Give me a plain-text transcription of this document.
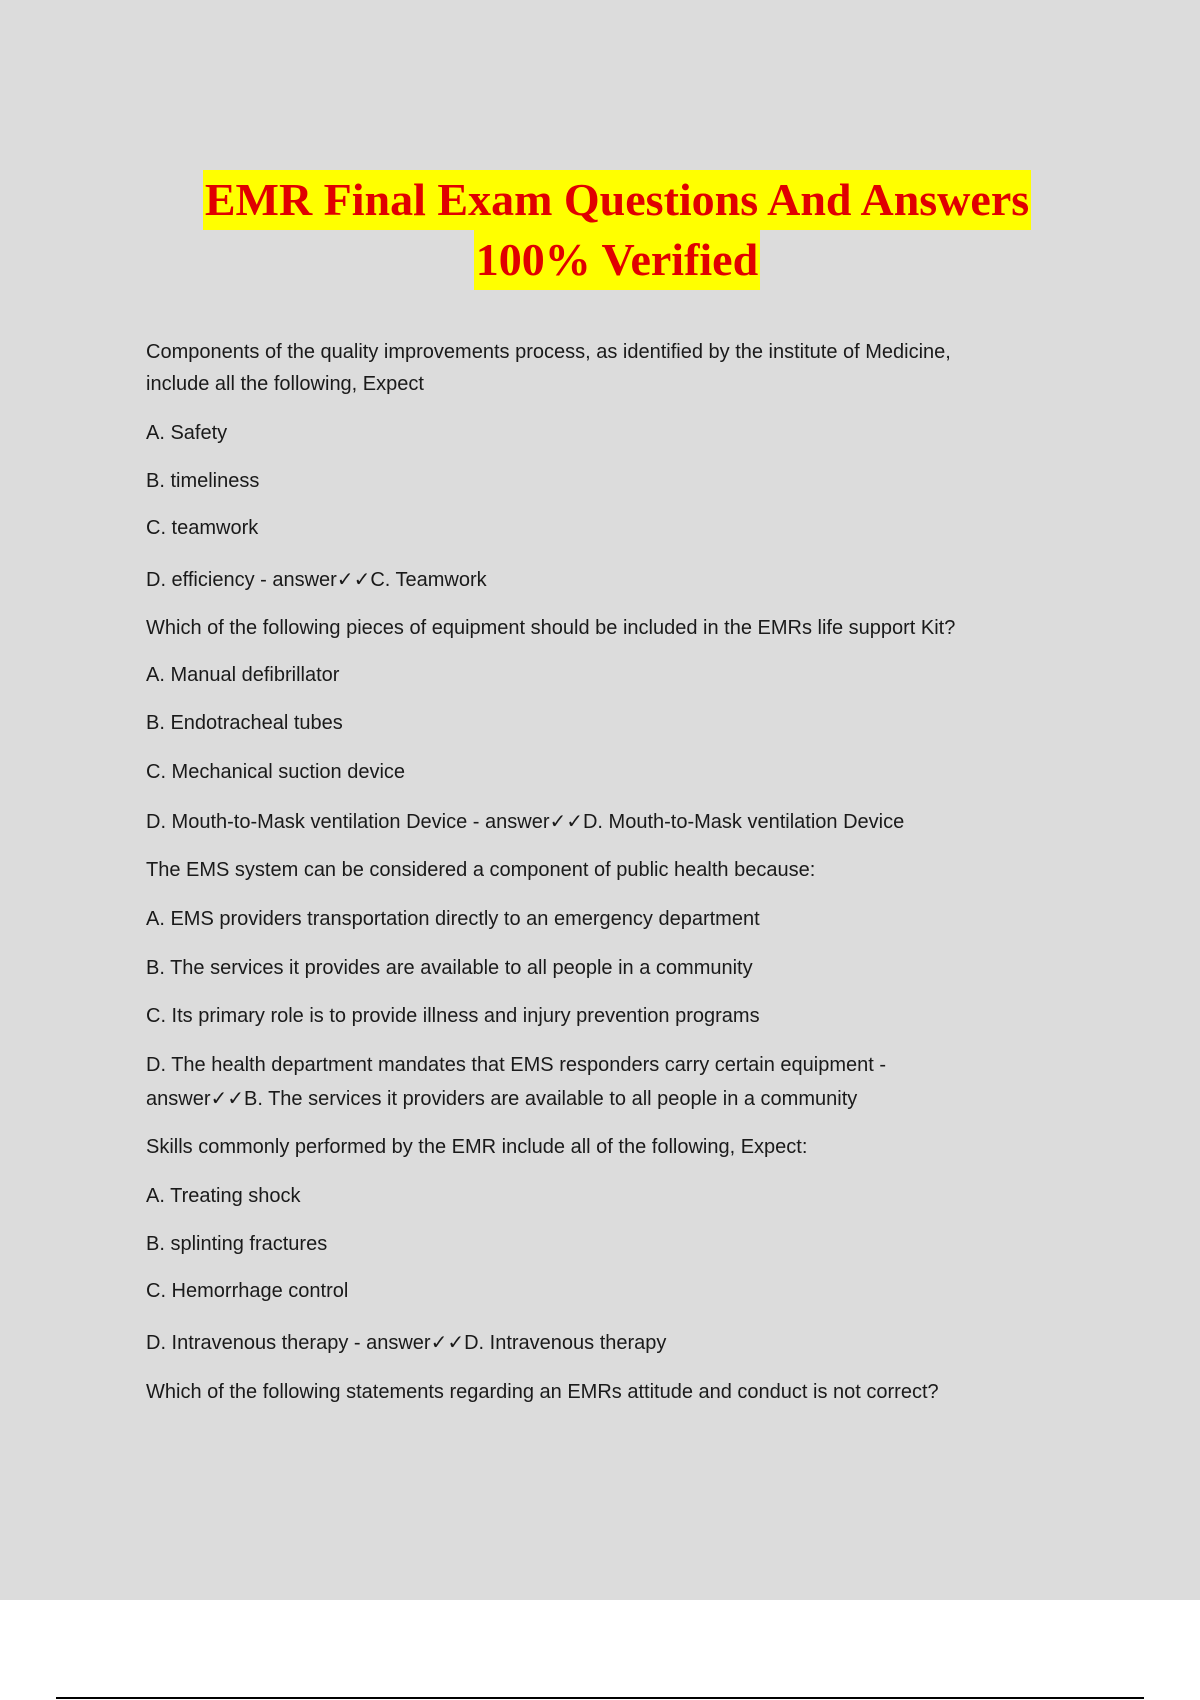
EMR Final Exam Questions And Answers
100% Verified
Components of the quality improvements process, as identified by the institute of Medicine,
include all the following, Expect
A. Safety
B. timeliness
C. teamwork
D. efficiency - answer✓✓C. Teamwork
Which of the following pieces of equipment should be included in the EMRs life support Kit?
A. Manual defibrillator
B. Endotracheal tubes
C. Mechanical suction device
D. Mouth-to-Mask ventilation Device - answer✓✓D. Mouth-to-Mask ventilation Device
The EMS system can be considered a component of public health because:
A. EMS providers transportation directly to an emergency department
B. The services it provides are available to all people in a community
C. Its primary role is to provide illness and injury prevention programs
D. The health department mandates that EMS responders carry certain equipment -
answer✓✓B. The services it providers are available to all people in a community
Skills commonly performed by the EMR include all of the following, Expect:
A. Treating shock
B. splinting fractures
C. Hemorrhage control
D. Intravenous therapy - answer✓✓D. Intravenous therapy
Which of the following statements regarding an EMRs attitude and conduct is not correct?
